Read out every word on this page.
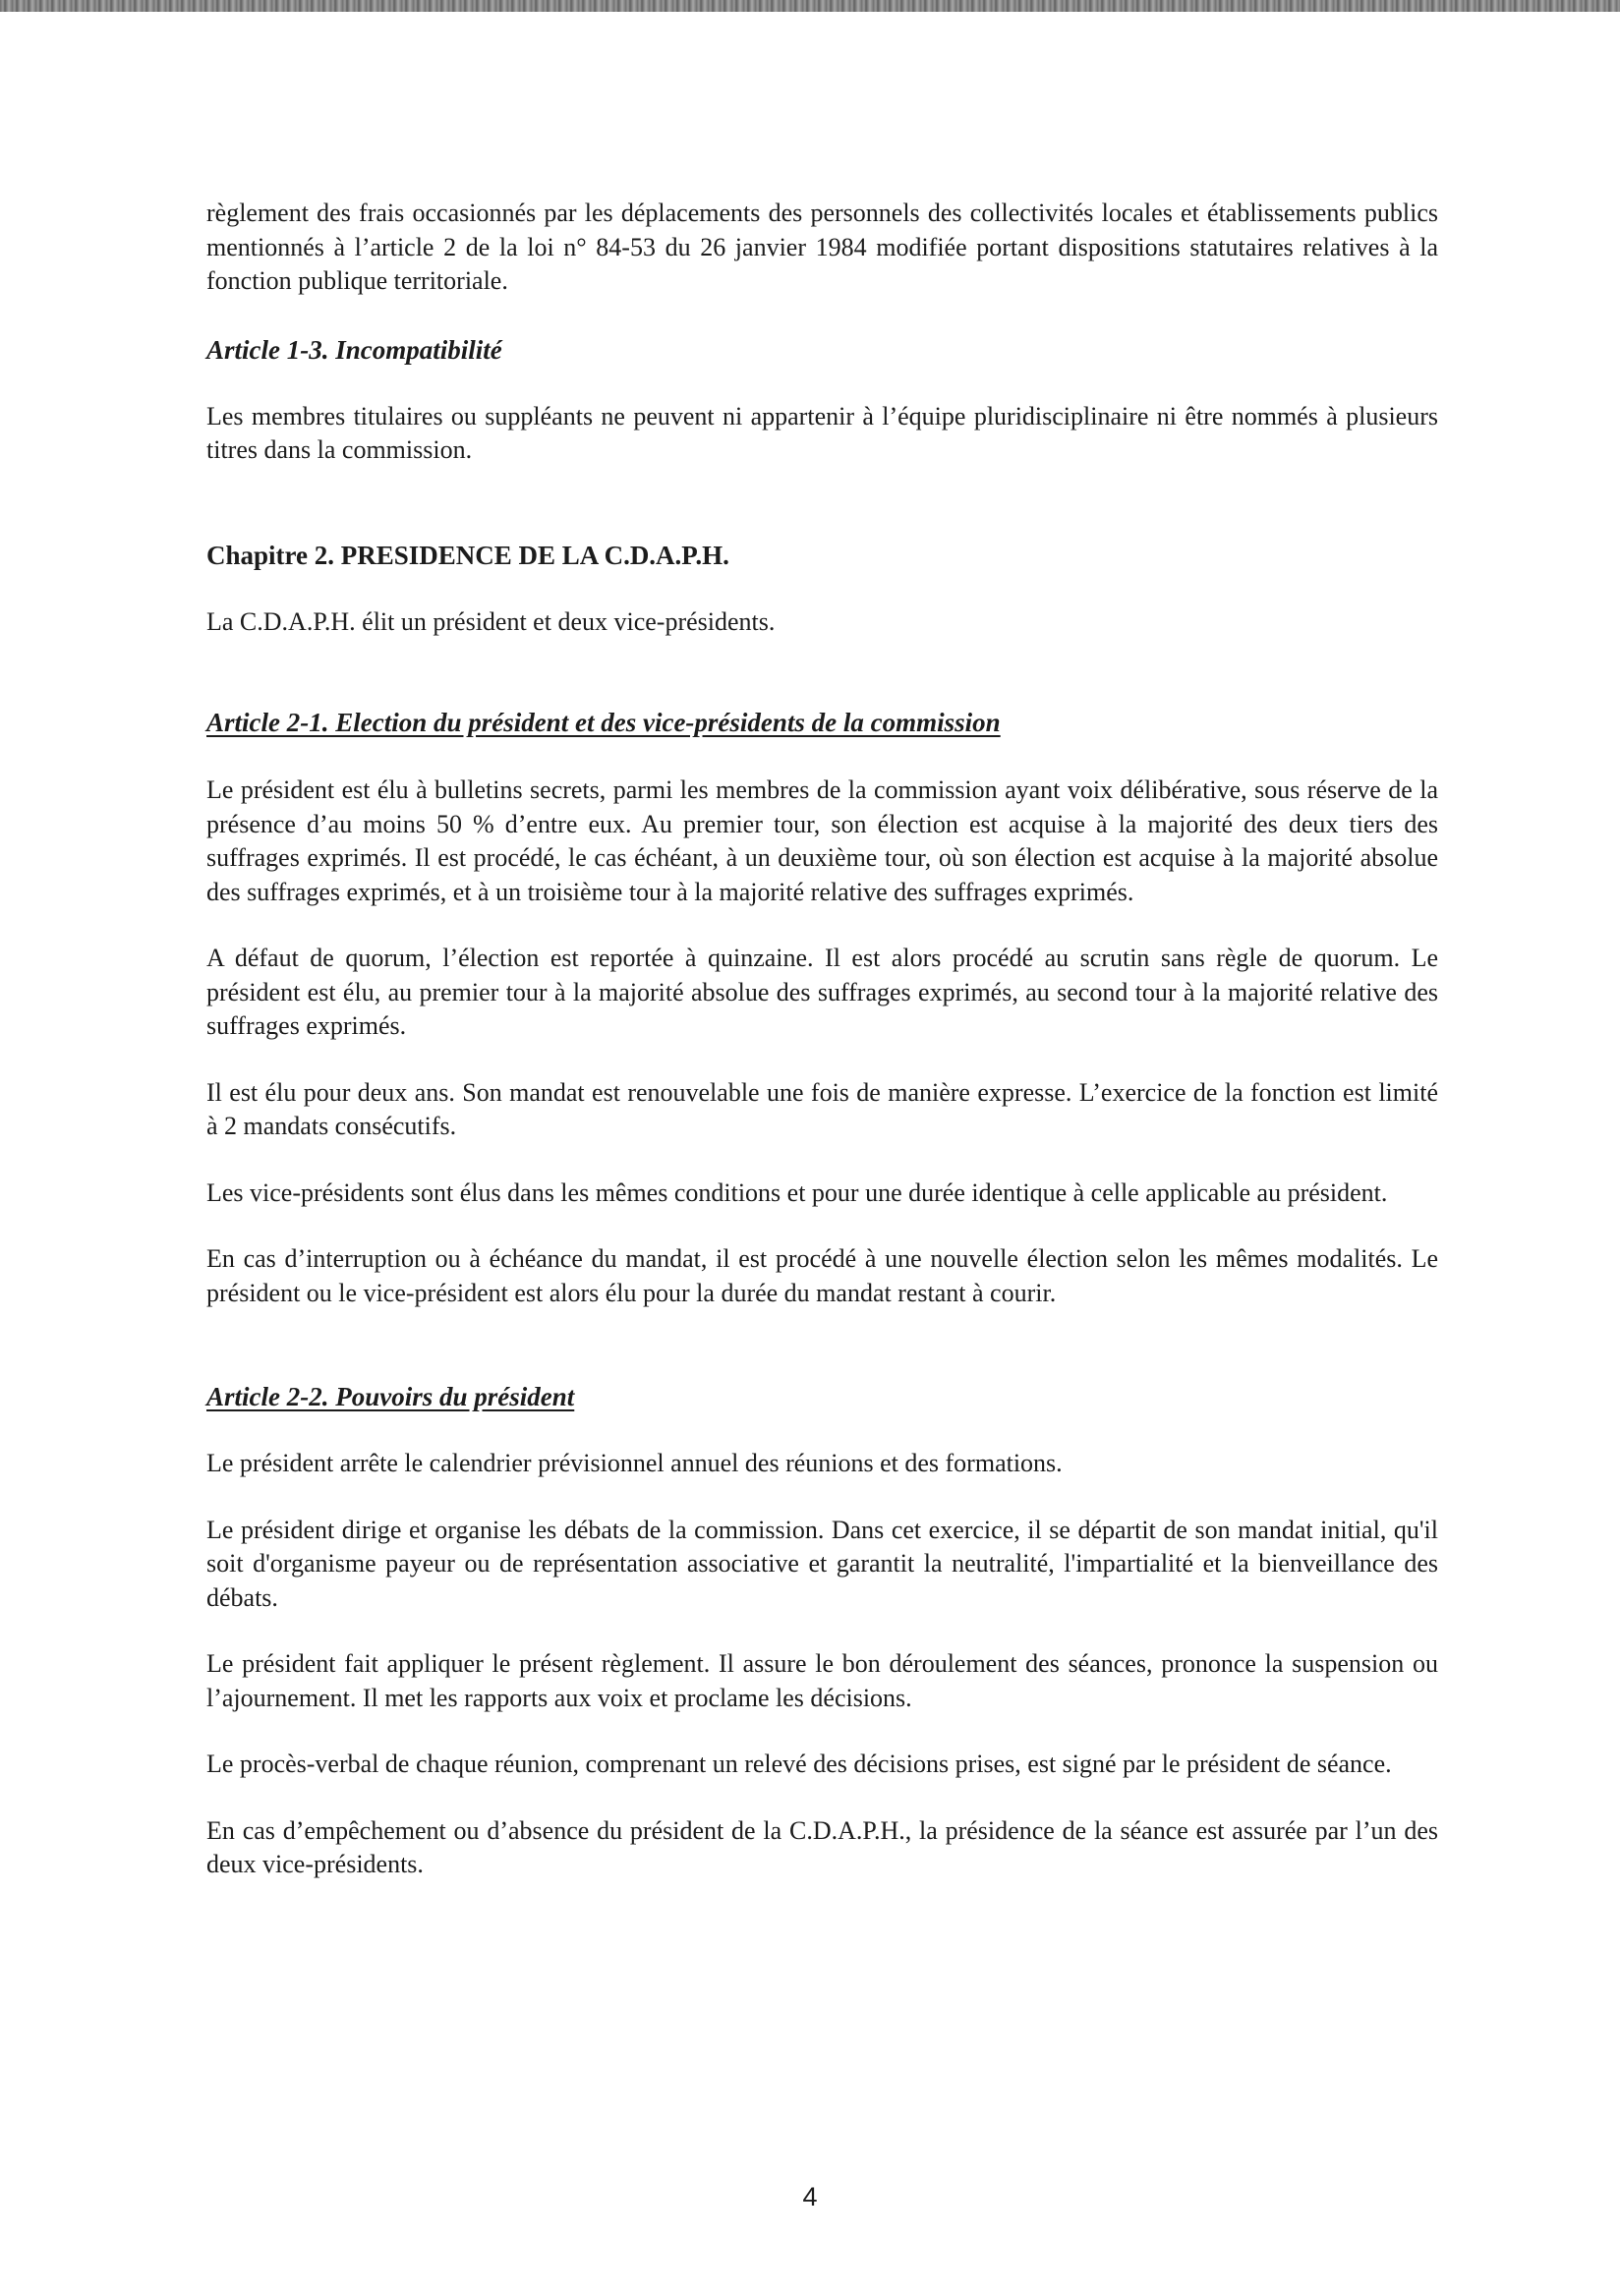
règlement des frais occasionnés par les déplacements des personnels des collectivités locales et établissements publics mentionnés à l’article 2 de la loi n° 84-53 du 26 janvier 1984 modifiée portant dispositions statutaires relatives à la fonction publique territoriale.

Article 1-3. Incompatibilité

Les membres titulaires ou suppléants ne peuvent ni appartenir à l’équipe pluridisciplinaire ni être nommés à plusieurs titres dans la commission.

Chapitre 2. PRESIDENCE DE LA C.D.A.P.H.

La C.D.A.P.H. élit un président et deux vice-présidents.

Article 2-1. Election du président et des vice-présidents de la commission

Le président est élu à bulletins secrets, parmi les membres de la commission ayant voix délibérative, sous réserve de la présence d’au moins 50 % d’entre eux. Au premier tour, son élection est acquise à la majorité des deux tiers des suffrages exprimés. Il est procédé, le cas échéant, à un deuxième tour, où son élection est acquise à la majorité absolue des suffrages exprimés, et à un troisième tour à la majorité relative des suffrages exprimés.

A défaut de quorum, l’élection est reportée à quinzaine. Il est alors procédé au scrutin sans règle de quorum. Le président est élu, au premier tour à la majorité absolue des suffrages exprimés, au second tour à la majorité relative des suffrages exprimés.

Il est élu pour deux ans. Son mandat est renouvelable une fois de manière expresse. L’exercice de la fonction est limité à 2 mandats consécutifs.

Les vice-présidents sont élus dans les mêmes conditions et pour une durée identique à celle applicable au président.

En cas d’interruption ou à échéance du mandat, il est procédé à une nouvelle élection selon les mêmes modalités. Le président ou le vice-président est alors élu pour la durée du mandat restant à courir.

Article 2-2. Pouvoirs du président

Le président arrête le calendrier prévisionnel annuel des réunions et des formations.

Le président dirige et organise les débats de la commission. Dans cet exercice, il se départit de son mandat initial, qu'il soit d'organisme payeur ou de représentation associative et garantit la neutralité, l'impartialité et la bienveillance des débats.

Le président fait appliquer le présent règlement. Il assure le bon déroulement des séances, prononce la suspension ou l’ajournement. Il met les rapports aux voix et proclame les décisions.

Le procès-verbal de chaque réunion, comprenant un relevé des décisions prises, est signé par le président de séance.

En cas d’empêchement ou d’absence du président de la C.D.A.P.H., la présidence de la séance est assurée par l’un des deux vice-présidents.

4
